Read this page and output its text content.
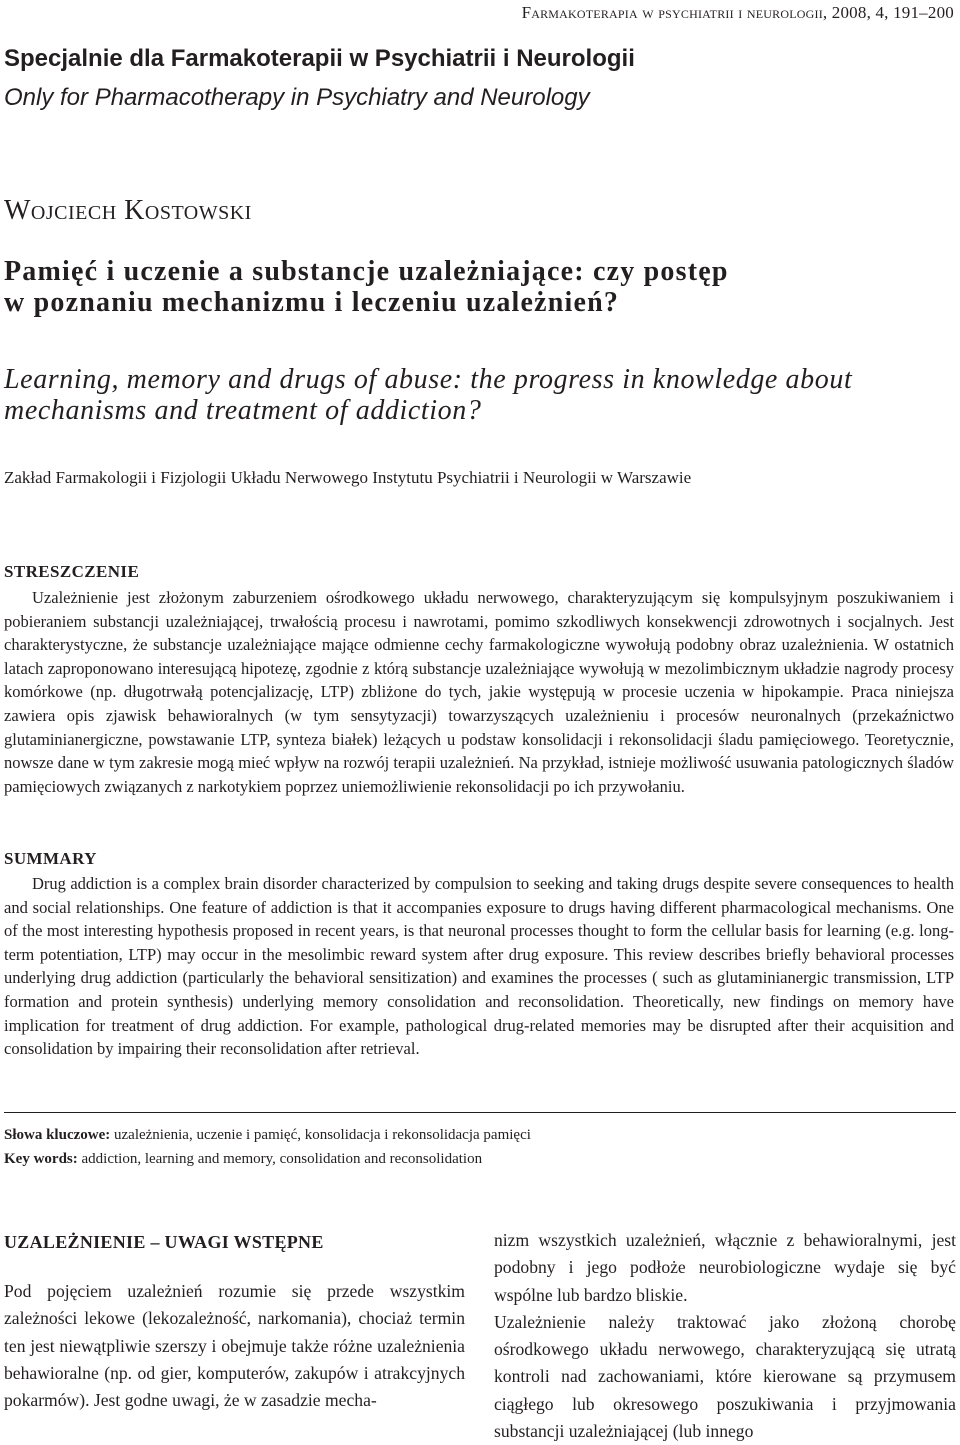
Farmakoterapia w psychiatrii i neurologii, 2008, 4, 191–200
Specjalnie dla Farmakoterapii w Psychiatrii i Neurologii
Only for Pharmacotherapy in Psychiatry and Neurology
Wojciech Kostowski
Pamięć i uczenie a substancje uzależniające: czy postęp
w poznaniu mechanizmu i leczeniu uzależnień?
Learning, memory and drugs of abuse: the progress in knowledge about
mechanisms and treatment of addiction?
Zakład Farmakologii i Fizjologii Układu Nerwowego Instytutu Psychiatrii i Neurologii w Warszawie
STRESZCZENIE

Uzależnienie jest złożonym zaburzeniem ośrodkowego układu nerwowego, charakteryzującym się kompulsyjnym poszukiwaniem i pobieraniem substancji uzależniającej, trwałością procesu i nawrotami, pomimo szkodliwych konsekwencji zdrowotnych i socjalnych. Jest charakterystyczne, że substancje uzależniające mające odmienne cechy farmakologiczne wywołują podobny obraz uzależnienia. W ostatnich latach zaproponowano interesującą hipotezę, zgodnie z którą substancje uzależniające wywołują w mezolimbicznym układzie nagrody procesy komórkowe (np. długotrwałą potencjalizację, LTP) zbliżone do tych, jakie występują w procesie uczenia w hipokampie. Praca niniejsza zawiera opis zjawisk behawioralnych (w tym sensytyzacji) towarzyszących uzależnieniu i procesów neuronalnych (przekaźnictwo glutaminianergiczne, powstawanie LTP, synteza białek) leżących u podstaw konsolidacji i rekonsolidacji śladu pamięciowego. Teoretycznie, nowsze dane w tym zakresie mogą mieć wpływ na rozwój terapii uzależnień. Na przykład, istnieje możliwość usuwania patologicznych śladów pamięciowych związanych z narkotykiem poprzez uniemożliwienie rekonsolidacji po ich przywołaniu.

SUMMARY

Drug addiction is a complex brain disorder characterized by compulsion to seeking and taking drugs despite severe consequences to health and social relationships. One feature of addiction is that it accompanies exposure to drugs having different pharmacological mechanisms. One of the most interesting hypothesis proposed in recent years, is that neuronal processes thought to form the cellular basis for learning (e.g. long-term potentiation, LTP) may occur in the mesolimbic reward system after drug exposure. This review describes briefly behavioral processes underlying drug addiction (particularly the behavioral sensitization) and examines the processes ( such as glutaminianergic transmission, LTP formation and protein synthesis) underlying memory consolidation and reconsolidation. Theoretically, new findings on memory have implication for treatment of drug addiction. For example, pathological drug-related memories may be disrupted after their acquisition and consolidation by impairing their reconsolidation after retrieval.

Słowa kluczowe: uzależnienia, uczenie i pamięć, konsolidacja i rekonsolidacja pamięci
Key words: addiction, learning and memory, consolidation and reconsolidation
UZALEŻNIENIE – UWAGI WSTĘPNE

Pod pojęciem uzależnień rozumie się przede wszystkim zależności lekowe (lekozależność, narkomania), chociaż termin ten jest niewątpliwie szerszy i obejmuje także różne uzależnienia behawioralne (np. od gier, komputerów, zakupów i atrakcyjnych pokarmów). Jest godne uwagi, że w zasadzie mecha-

nizm wszystkich uzależnień, włącznie z behawioralnymi, jest podobny i jego podłoże neurobiologiczne wydaje się być wspólne lub bardzo bliskie.

Uzależnienie należy traktować jako złożoną chorobę ośrodkowego układu nerwowego, charakteryzującą się utratą kontroli nad zachowaniami, które kierowane są przymusem ciągłego lub okresowego poszukiwania i przyjmowania substancji uzależniającej (lub innego
